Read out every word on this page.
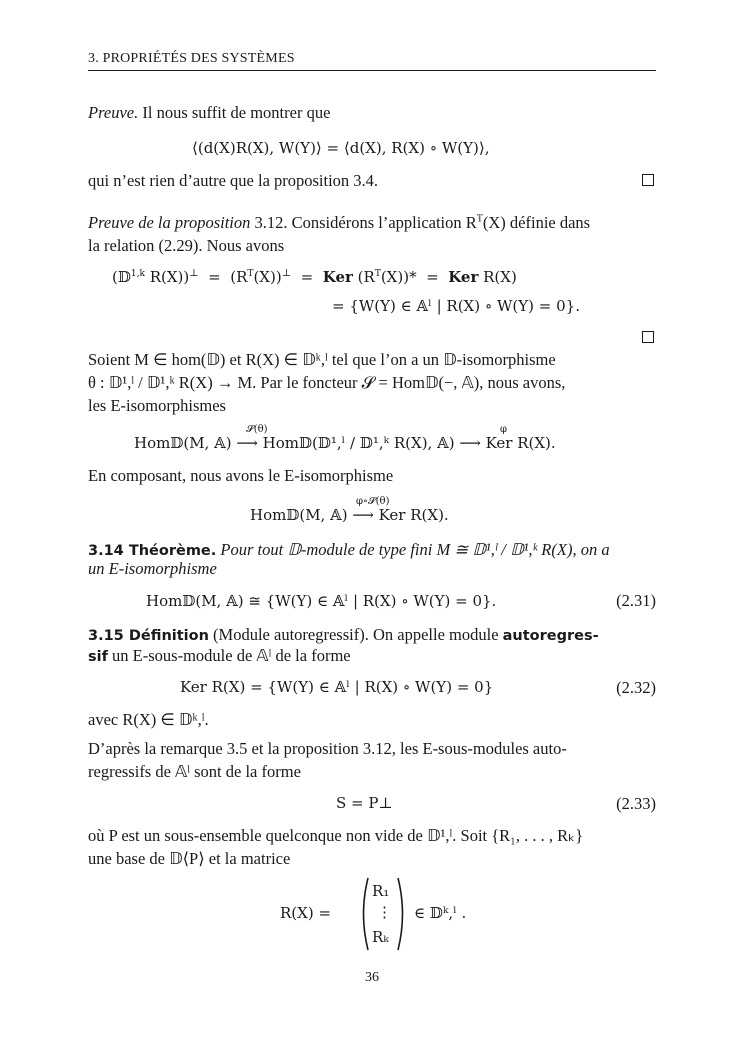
3. PROPRIÉTÉS DES SYSTÈMES
Preuve. Il nous suffit de montrer que
⟨(d(X)R(X), W(Y)⟩ = ⟨d(X), R(X) ∘ W(Y)⟩,
qui n’est rien d’autre que la proposition 3.4.
Preuve de la proposition 3.12. Considérons l’application $R^T(X)$ définie dans
la relation (2.29). Nous avons
(𝔻$^{1,k}$ $R(X))^\perp = (R^T(X))^\perp$  =  Ker $(R^T(X))*$  =  Ker R(X)
= {W(Y) ∈ 𝔸ˡ | R(X) ∘ W(Y) = 0}.
Soient M ∈ hom(𝔻) et R(X) ∈ 𝔻ᵏ,ˡ tel que l’on a un 𝔻-isomorphisme
θ : 𝔻¹,ˡ / 𝔻¹,ᵏ R(X) → M. Par le foncteur 𝓢 = Hom𝔻(−, 𝔸), nous avons,
les E-isomorphismes
Hom𝔻(M, 𝔸) ⟶ Hom𝔻(𝔻¹,ˡ / 𝔻¹,ᵏ R(X), 𝔸) ⟶ Ker R(X).
𝓢(θ)	φ
En composant, nous avons le E-isomorphisme
Hom𝔻(M, 𝔸) ⟶ Ker R(X).
φ∘𝓢(θ)
3.14 Théorème. Pour tout 𝔻-module de type fini M ≅ 𝔻¹,ˡ / 𝔻¹,ᵏ R(X), on a
un E-isomorphisme
Hom𝔻(M, 𝔸) ≅ {W(Y) ∈ 𝔸ˡ | R(X) ∘ W(Y) = 0}.	(2.31)
3.15 Définition (Module autoregressif). On appelle module autoregres-
sif un E-sous-module de 𝔸ˡ de la forme
Ker R(X) = {W(Y) ∈ 𝔸ˡ | R(X) ∘ W(Y) = 0}	(2.32)
avec R(X) ∈ 𝔻ᵏ,ˡ.
D’après la remarque 3.5 et la proposition 3.12, les E-sous-modules auto-
regressifs de 𝔸ˡ sont de la forme
S = P⊥	(2.33)
où P est un sous-ensemble quelconque non vide de 𝔻¹,ˡ. Soit {R₁, . . . , Rₖ}
une base de 𝔻⟨P⟩ et la matrice
R(X) =
R₁
⋮
Rₖ
∈ 𝔻ᵏ,ˡ .
36
